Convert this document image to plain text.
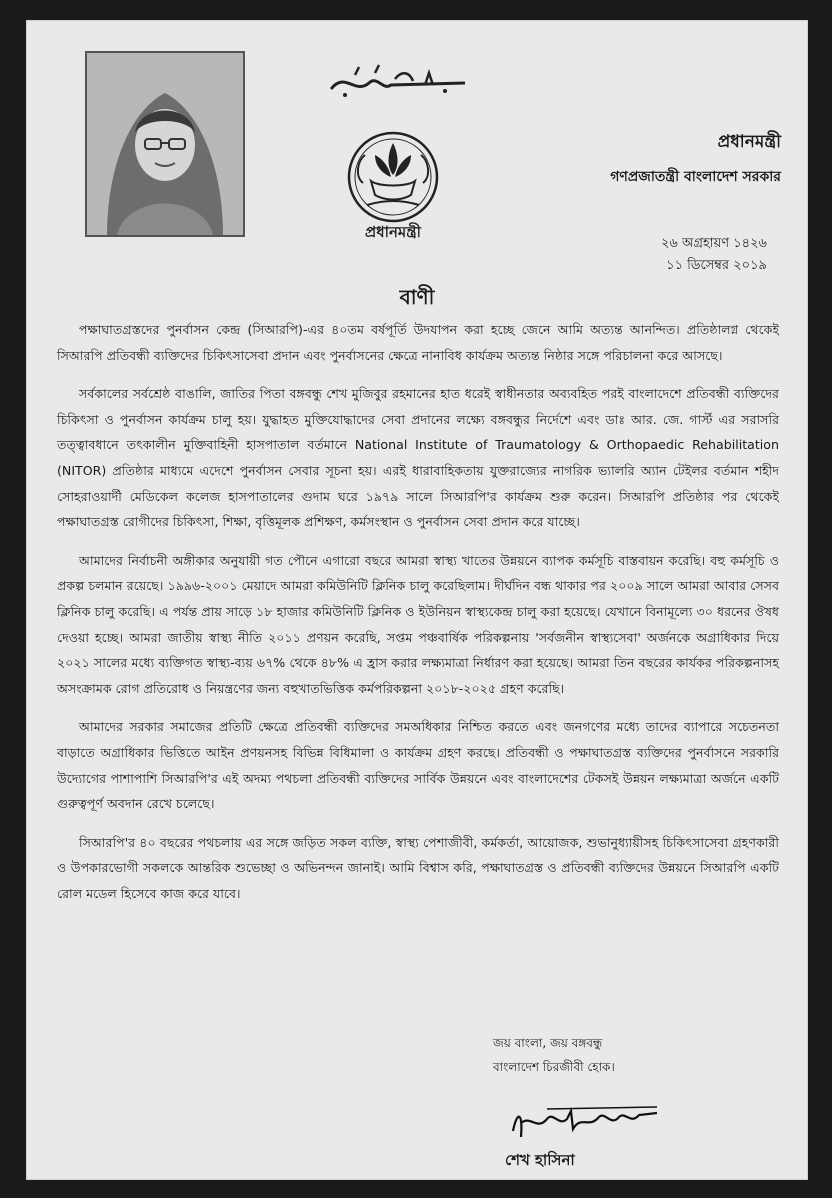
প্রধানমন্ত্রী
প্রধানমন্ত্রী
গণপ্রজাতন্ত্রী বাংলাদেশ সরকার
২৬ অগ্রহায়ণ ১৪২৬
১১ ডিসেম্বর ২০১৯
বাণী

পক্ষাঘাতগ্রস্তদের পুনর্বাসন কেন্দ্র (সিআরপি)-এর ৪০তম বর্ষপূর্তি উদযাপন করা হচ্ছে জেনে আমি অত্যন্ত আনন্দিত। প্রতিষ্ঠালগ্ন থেকেই সিআরপি প্রতিবন্ধী ব্যক্তিদের চিকিৎসাসেবা প্রদান এবং পুনর্বাসনের ক্ষেত্রে নানাবিধ কার্যক্রম অত্যন্ত নিষ্ঠার সঙ্গে পরিচালনা করে আসছে।

সর্বকালের সর্বশ্রেষ্ঠ বাঙালি, জাতির পিতা বঙ্গবন্ধু শেখ মুজিবুর রহমানের হাত ধরেই স্বাধীনতার অব্যবহিত পরই বাংলাদেশে প্রতিবন্ধী ব্যক্তিদের চিকিৎসা ও পুনর্বাসন কার্যক্রম চালু হয়। যুদ্ধাহত মুক্তিযোদ্ধাদের সেবা প্রদানের লক্ষ্যে বঙ্গবন্ধুর নির্দেশে এবং ডাঃ আর. জে. গার্স্ট এর সরাসরি তত্ত্বাবধানে তৎকালীন মুক্তিবাহিনী হাসপাতাল বর্তমানে National Institute of Traumatology & Orthopaedic Rehabilitation (NITOR) প্রতিষ্ঠার মাধ্যমে এদেশে পুনর্বাসন সেবার সূচনা হয়। এরই ধারাবাহিকতায় যুক্তরাজ্যের নাগরিক ভ্যালরি অ্যান টেইলর বর্তমান শহীদ সোহরাওয়ার্দী মেডিকেল কলেজ হাসপাতালের গুদাম ঘরে ১৯৭৯ সালে সিআরপি'র কার্যক্রম শুরু করেন। সিআরপি প্রতিষ্ঠার পর থেকেই পক্ষাঘাতগ্রস্ত রোগীদের চিকিৎসা, শিক্ষা, বৃত্তিমূলক প্রশিক্ষণ, কর্মসংস্থান ও পুনর্বাসন সেবা প্রদান করে যাচ্ছে।

আমাদের নির্বাচনী অঙ্গীকার অনুযায়ী গত পৌনে এগারো বছরে আমরা স্বাস্থ্য খাতের উন্নয়নে ব্যাপক কর্মসূচি বাস্তবায়ন করেছি। বহু কর্মসূচি ও প্রকল্প চলমান রয়েছে। ১৯৯৬-২০০১ মেয়াদে আমরা কমিউনিটি ক্লিনিক চালু করেছিলাম। দীর্ঘদিন বন্ধ থাকার পর ২০০৯ সালে আমরা আবার সেসব ক্লিনিক চালু করেছি। এ পর্যন্ত প্রায় সাড়ে ১৮ হাজার কমিউনিটি ক্লিনিক ও ইউনিয়ন স্বাস্থ্যকেন্দ্র চালু করা হয়েছে। যেখানে বিনামূল্যে ৩০ ধরনের ঔষধ দেওয়া হচ্ছে। আমরা জাতীয় স্বাস্থ্য নীতি ২০১১ প্রণয়ন করেছি, সপ্তম পঞ্চবার্ষিক পরিকল্পনায় 'সর্বজনীন স্বাস্থ্যসেবা' অর্জনকে অগ্রাধিকার দিয়ে ২০২১ সালের মধ্যে ব্যক্তিগত স্বাস্থ্য-ব্যয় ৬৭% থেকে ৪৮% এ হ্রাস করার লক্ষ্যমাত্রা নির্ধারণ করা হয়েছে। আমরা তিন বছরের কার্যকর পরিকল্পনাসহ অসংক্রামক রোগ প্রতিরোধ ও নিয়ন্ত্রণের জন্য বহুখাতভিত্তিক কর্মপরিকল্পনা ২০১৮-২০২৫ গ্রহণ করেছি।

আমাদের সরকার সমাজের প্রতিটি ক্ষেত্রে প্রতিবন্ধী ব্যক্তিদের সমঅধিকার নিশ্চিত করতে এবং জনগণের মধ্যে তাদের ব্যাপারে সচেতনতা বাড়াতে অগ্রাধিকার ভিত্তিতে আইন প্রণয়নসহ বিভিন্ন বিধিমালা ও কার্যক্রম গ্রহণ করছে। প্রতিবন্ধী ও পক্ষাঘাতগ্রস্ত ব্যক্তিদের পুনর্বাসনে সরকারি উদ্যোগের পাশাপাশি সিআরপি'র এই অদম্য পথচলা প্রতিবন্ধী ব্যক্তিদের সার্বিক উন্নয়নে এবং বাংলাদেশের টেকসই উন্নয়ন লক্ষ্যমাত্রা অর্জনে একটি গুরুত্বপূর্ণ অবদান রেখে চলেছে।

সিআরপি'র ৪০ বছরের পথচলায় এর সঙ্গে জড়িত সকল ব্যক্তি, স্বাস্থ্য পেশাজীবী, কর্মকর্তা, আয়োজক, শুভানুধ্যায়ীসহ চিকিৎসাসেবা গ্রহণকারী ও উপকারভোগী সকলকে আন্তরিক শুভেচ্ছা ও অভিনন্দন জানাই। আমি বিশ্বাস করি, পক্ষাঘাতগ্রস্ত ও প্রতিবন্ধী ব্যক্তিদের উন্নয়নে সিআরপি একটি রোল মডেল হিসেবে কাজ করে যাবে।

জয় বাংলা, জয় বঙ্গবন্ধু
বাংলাদেশ চিরজীবী হোক।
শেখ হাসিনা
